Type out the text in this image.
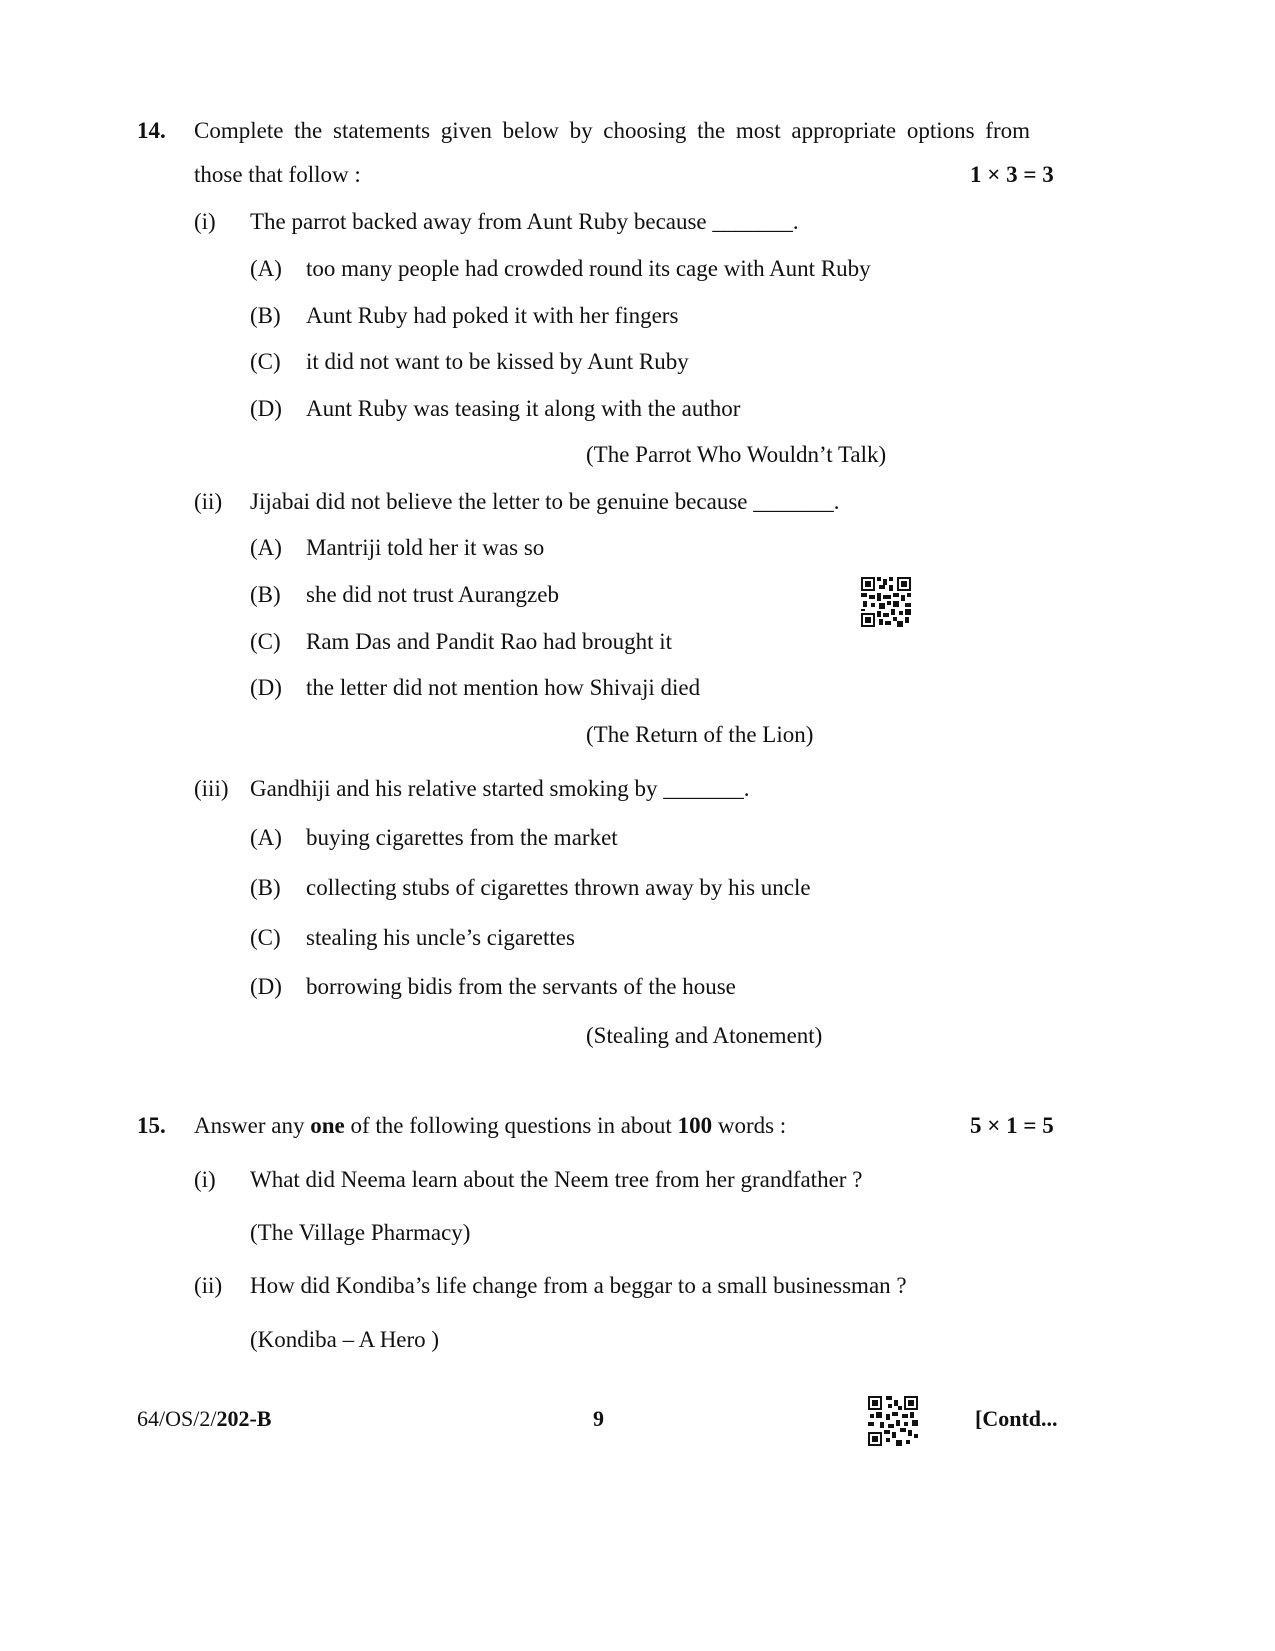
14. Complete the statements given below by choosing the most appropriate options from
those that follow :	1 × 3 = 3
(i) The parrot backed away from Aunt Ruby because _______.
(A) too many people had crowded round its cage with Aunt Ruby
(B) Aunt Ruby had poked it with her fingers
(C) it did not want to be kissed by Aunt Ruby
(D) Aunt Ruby was teasing it along with the author
(The Parrot Who Wouldn’t Talk)
(ii) Jijabai did not believe the letter to be genuine because _______.
(A) Mantriji told her it was so
(B) she did not trust Aurangzeb
(C) Ram Das and Pandit Rao had brought it
(D) the letter did not mention how Shivaji died
(The Return of the Lion)
(iii) Gandhiji and his relative started smoking by _______.
(A) buying cigarettes from the market
(B) collecting stubs of cigarettes thrown away by his uncle
(C) stealing his uncle’s cigarettes
(D) borrowing bidis from the servants of the house
(Stealing and Atonement)
15. Answer any one of the following questions in about 100 words :	5 × 1 = 5
(i) What did Neema learn about the Neem tree from her grandfather ?
(The Village Pharmacy)
(ii) How did Kondiba’s life change from a beggar to a small businessman ?
(Kondiba – A Hero )
64/OS/2/202-B	9	[Contd...
